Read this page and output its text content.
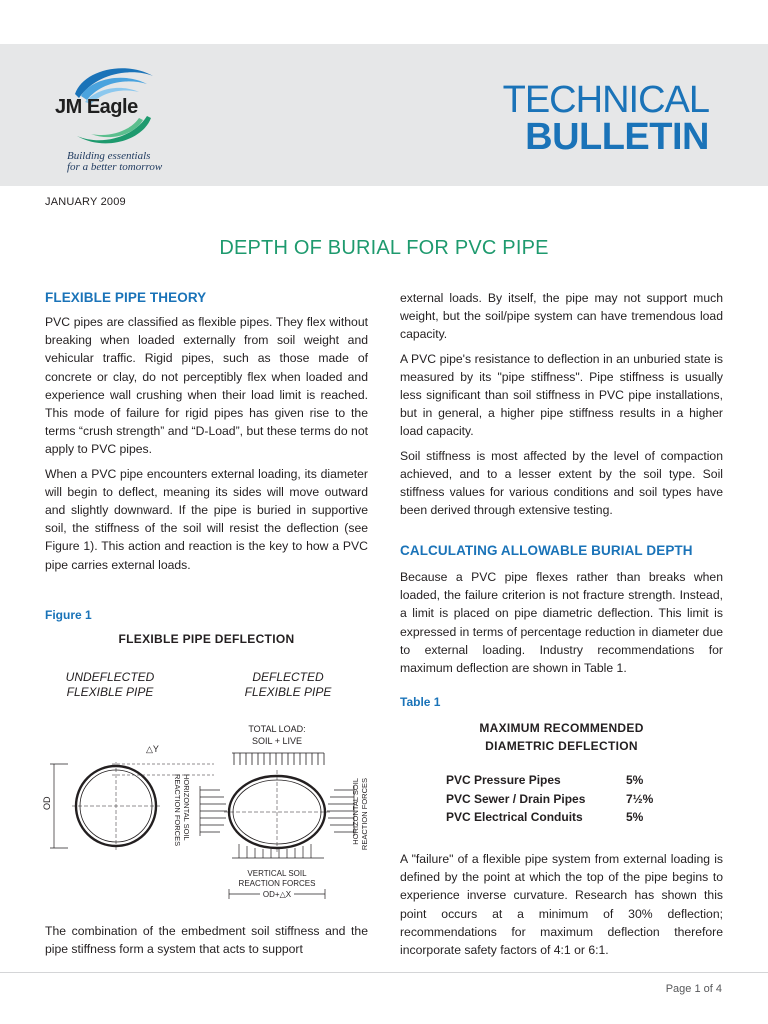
JM Eagle
Building essentials
for a better tomorrow
TECHNICAL
BULLETIN
JANUARY 2009
DEPTH OF BURIAL FOR PVC PIPE
FLEXIBLE PIPE THEORY

PVC pipes are classified as flexible pipes. They flex without breaking when loaded externally from soil weight and vehicular traffic. Rigid pipes, such as those made of concrete or clay, do not perceptibly flex when loaded and experience wall crushing when their load limit is reached. This mode of failure for rigid pipes has given rise to the terms “crush strength” and “D-Load”, but these terms do not apply to PVC pipes.

When a PVC pipe encounters external loading, its diameter will begin to deflect, meaning its sides will move outward and slightly downward. If the pipe is buried in supportive soil, the stiffness of the soil will resist the deflection (see Figure 1). This action and reaction is the key to how a PVC pipe carries external loads.

Figure 1
FLEXIBLE PIPE DEFLECTION
UNDEFLECTED
FLEXIBLE PIPE
DEFLECTED
FLEXIBLE PIPE
TOTAL LOAD:
SOIL + LIVE
△Y
OD	HORIZONTAL SOIL
REACTION FORCES	HORIZONTAL SOIL REACTION FORCES
VERTICAL SOIL
REACTION FORCES
OD+△X

The combination of the embedment soil stiffness and the pipe stiffness form a system that acts to support

external loads. By itself, the pipe may not support much weight, but the soil/pipe system can have tremendous load capacity.

A PVC pipe's resistance to deflection in an unburied state is measured by its "pipe stiffness". Pipe stiffness is usually less significant than soil stiffness in PVC pipe installations, but in general, a higher pipe stiffness results in a higher load capacity.

Soil stiffness is most affected by the level of compaction achieved, and to a lesser extent by the soil type. Soil stiffness values for various conditions and soil types have been derived through extensive testing.

CALCULATING ALLOWABLE BURIAL DEPTH

Because a PVC pipe flexes rather than breaks when loaded, the failure criterion is not fracture strength. Instead, a limit is placed on pipe diametric deflection. This limit is expressed in terms of percentage reduction in diameter due to external loading. Industry recommendations for maximum deflection are shown in Table 1.

Table 1
MAXIMUM RECOMMENDED
DIAMETRIC DEFLECTION
PVC Pressure Pipes	5%
PVC Sewer / Drain Pipes	7½%
PVC Electrical Conduits	5%

A "failure" of a flexible pipe system from external loading is defined by the point at which the top of the pipe begins to experience inverse curvature. Research has shown this point occurs at a minimum of 30% deflection; recommendations for maximum deflection therefore incorporate safety factors of 4:1 or 6:1.

Page 1 of 4
